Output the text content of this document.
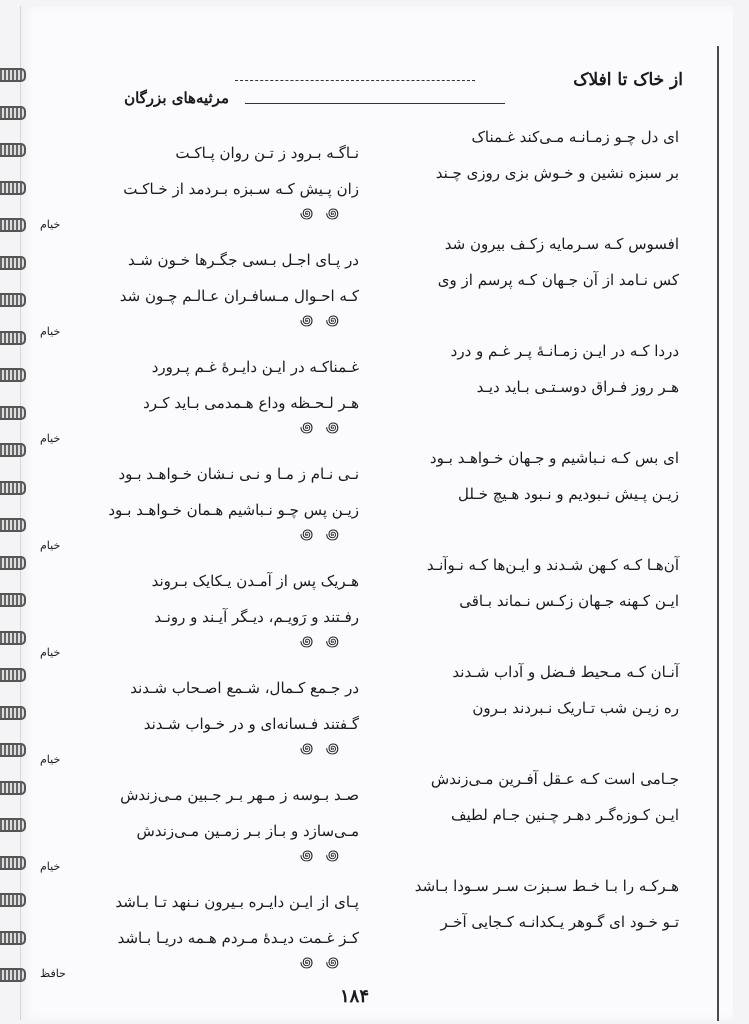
از خاک تا افلاک
مرثیه‌های بزرگان
ای دل چـو زمـانـه مـی‌کند غـمناک
نـاگـه بـرود ز تـن روان پـاکـت
بر سبزه نشین و خـوش بزی روزی چـند
زان پـیش کـه سـبزه بـردمد از خـاکـت
꩜ ꩜
خیام
افسوس کـه سـرمایه زکـف بیرون شد
در پـای اجـل بـسی جگـرها خـون شـد
کس نـامد از آن جـهان کـه پرسم از وی
کـه احـوال مـسافـران عـالـم چـون شد
꩜ ꩜
خیام
دردا کـه در ایـن زمـانـهٔ پـر غـم و درد
غـمناکـه در ایـن دایـرهٔ غـم پـرورد
هـر روز فـراق دوسـتـی بـاید دیـد
هـر لـحـظه وداع هـمدمی بـاید کـرد
꩜ ꩜
خیام
ای بس کـه نـباشیم و جـهان خـواهـد بـود
نـی نـام ز مـا و نـی نـشان خـواهـد بـود
زیـن پـیش نـبودیم و نـبود هـیچ خـلل
زیـن پس چـو نـباشیم هـمان خـواهـد بـود
꩜ ꩜
خیام
آن‌هـا کـه کـهن شـدند و ایـن‌ها کـه نـو‌آنـد
هـریک پس از آمـدن یـکایک بـروند
ایـن کـهنه جـهان زکـس نـماند بـاقی
رفـتند و رَویـم، دیـگر آیـند و رونـد
꩜ ꩜
خیام
آنـان کـه مـحیط فـضل و آداب شـدند
در جـمع کـمال، شـمع اصـحاب شـدند
ره زیـن شب تـاریک نـبردند بـرون
گـفتند فـسانه‌ای و در خـواب شـدند
꩜ ꩜
خیام
جـامی است کـه عـقل آفـرین مـی‌زندش
صـد بـوسه ز مـهر بـر جـبین مـی‌زندش
ایـن کـوزه‌گـر دهـر چـنین جـام لطیف
مـی‌سازد و بـاز بـر زمـین مـی‌زندش
꩜ ꩜
خیام
هـرکـه را بـا خـط سـبزت سـر سـودا بـاشد
پـای از ایـن دایـره بـیرون نـنهد تـا بـاشد
تـو خـود ای گـوهر یـکدانـه کـجایی آخـر
کـز غـمت دیـدهٔ مـردم هـمه دریـا بـاشد
꩜ ꩜
حافظ
۱۸۴
